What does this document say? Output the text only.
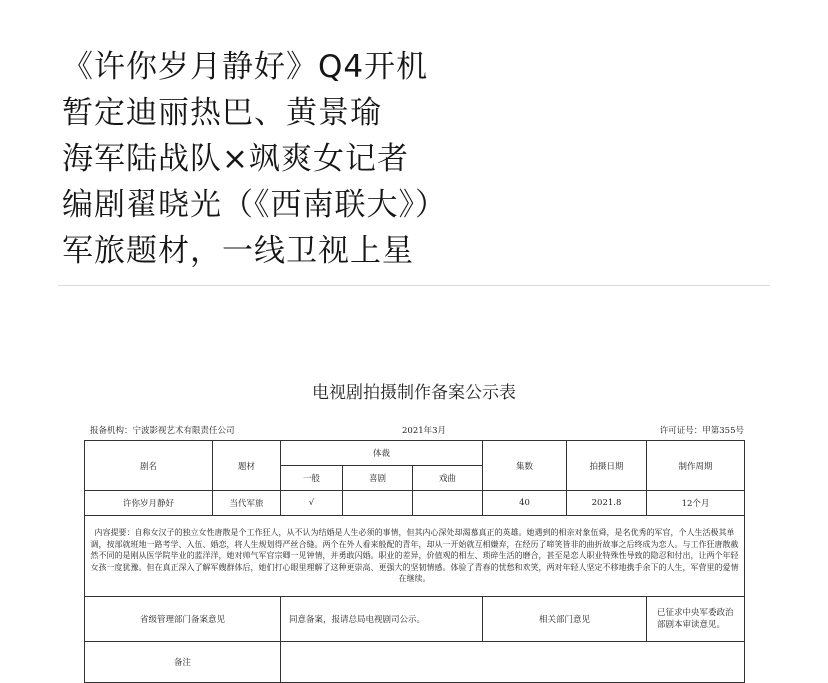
《许你岁月静好》Q4开机
暂定迪丽热巴、黄景瑜
海军陆战队×飒爽女记者
编剧翟晓光（《西南联大》）
军旅题材，一线卫视上星
电视剧拍摄制作备案公示表
报备机构：宁波影视艺术有限责任公司	2021年3月	许可证号：甲第355号
剧名	题材	体裁			集数	拍摄日期	制作周期
		一般	喜剧	戏曲			
许你岁月静好	当代军旅	√			40	2021.8	12个月
内容提要：自称女汉子的独立女性唐散是个工作狂人，从不认为结婚是人生必须的事情，但其内心深处却渴慕真正的英雄。她遇到的相亲对象伍舜，是名优秀的军官，个人生活极其单调，按部就班地一路考学、入伍、婚恋，将人生规划得严丝合缝。两个在外人看来般配的青年，却从一开始就互相嫌弃，在经历了啼笑皆非的曲折故事之后终成为恋人。与工作狂唐散截然不同的是刚从医学院毕业的蓝洋洋，她对帅气军官宗卿一见钟情，并勇敢闪婚。职业的差异，价值观的相左、琐碎生活的磨合，甚至是恋人职业特殊性导致的隐忍和付出，让两个年轻女孩一度犹豫。但在真正深入了解军嫂群体后，她们打心眼里理解了这种更崇高、更强大的坚韧情感。体验了青春的忧愁和欢笑，两对年轻人坚定不移地携手余下的人生，军营里的爱情在继续。							
省级管理部门备案意见		同意备案，报请总局电视剧司公示。			相关部门意见		已征求中央军委政治部剧本审读意见。
备注							
